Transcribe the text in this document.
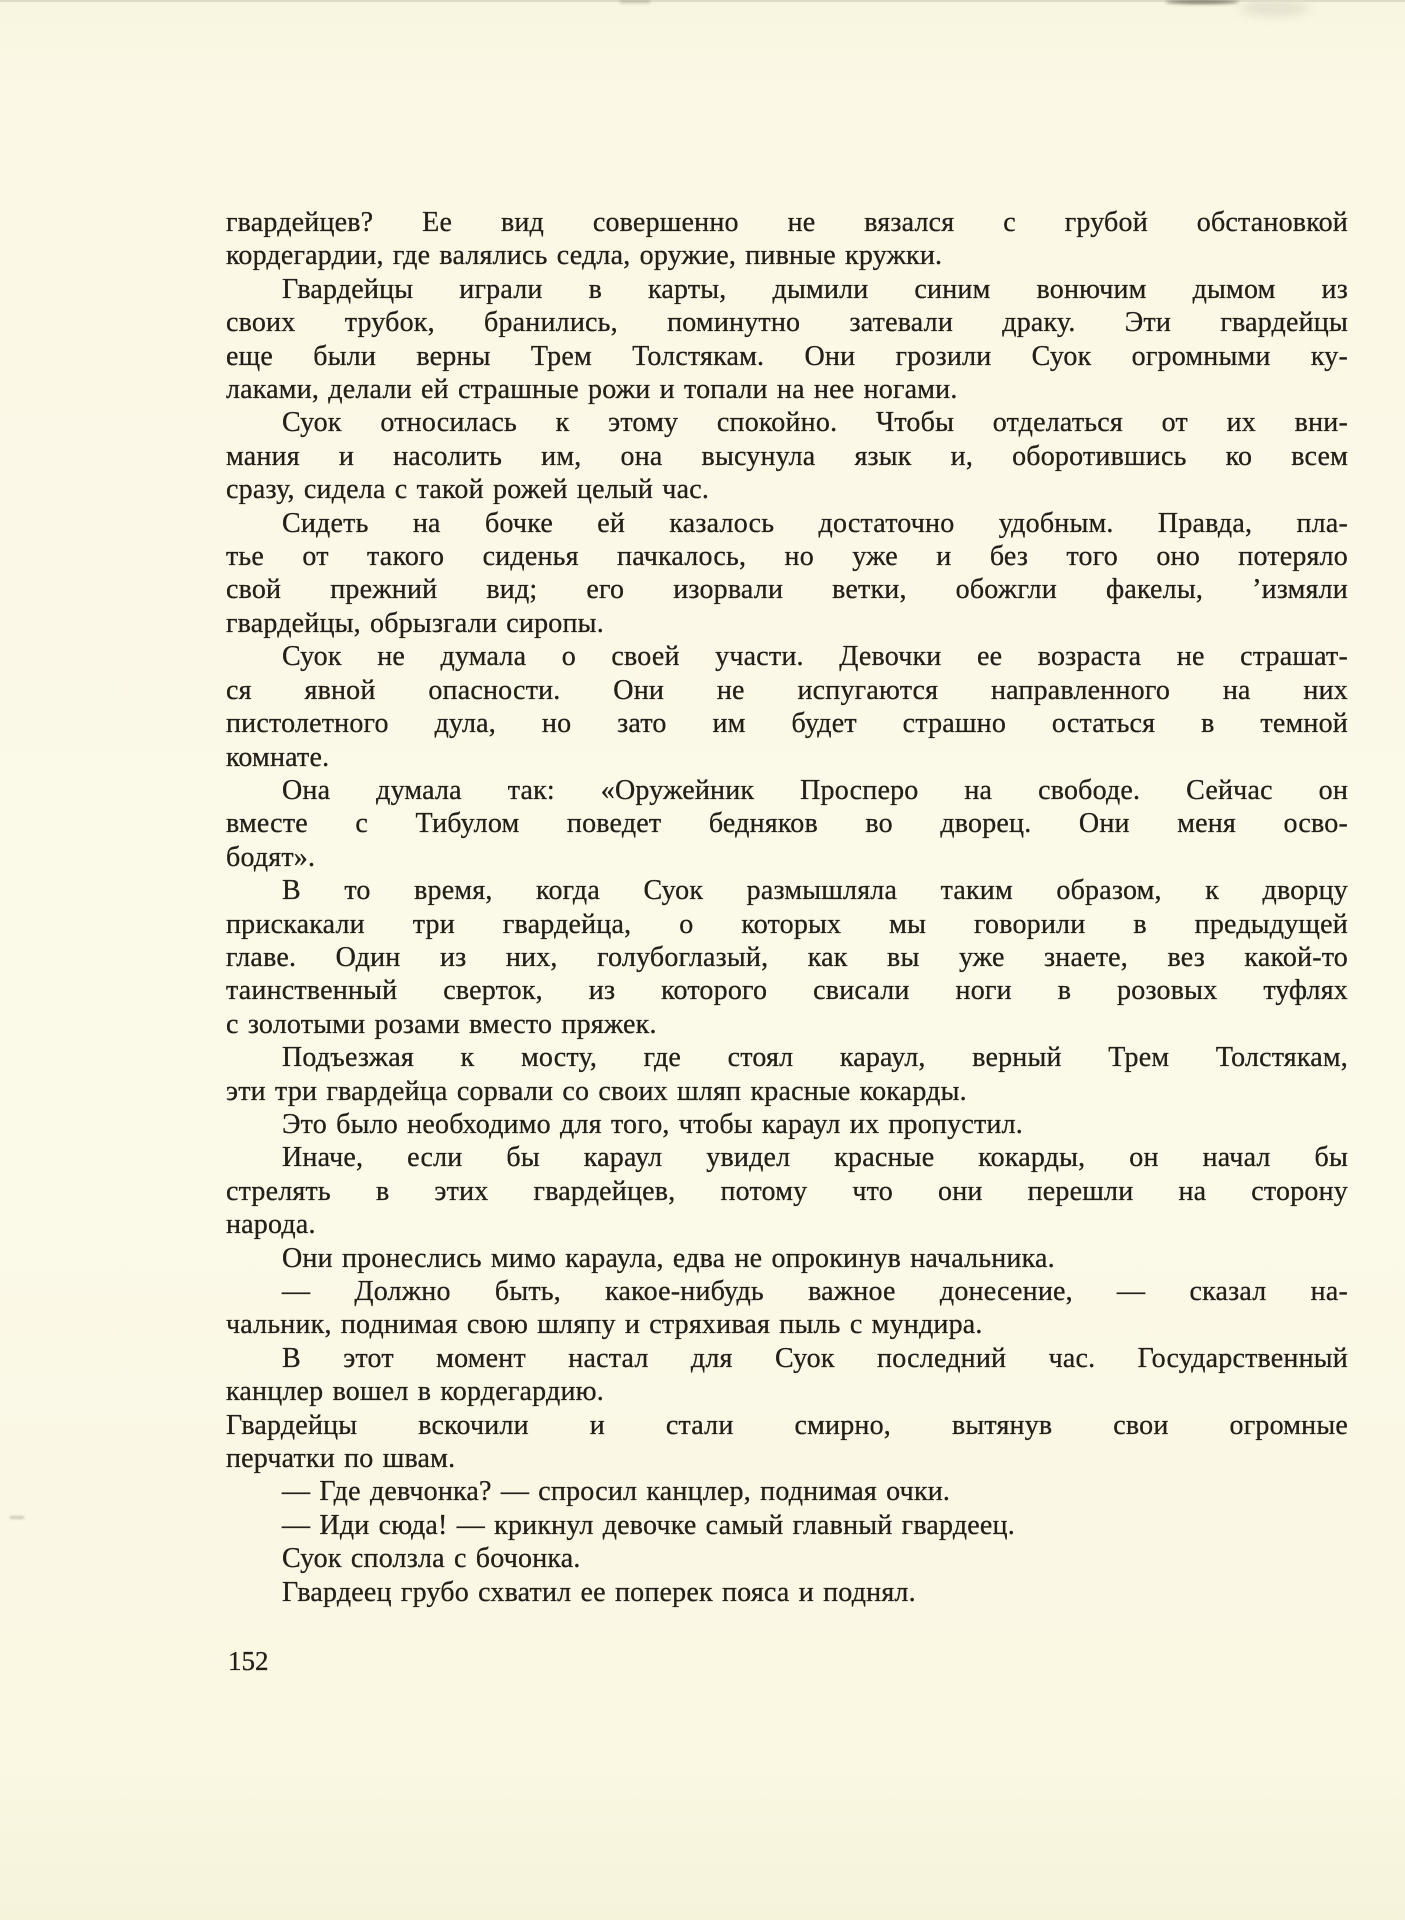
гвардейцев? Ее вид совершенно не вязался с грубой обстановкой
кордегардии, где валялись седла, оружие, пивные кружки.
Гвардейцы играли в карты, дымили синим вонючим дымом из
своих трубок, бранились, поминутно затевали драку. Эти гвардейцы
еще были верны Трем Толстякам. Они грозили Суок огромными ку-
лаками, делали ей страшные рожи и топали на нее ногами.
Суок относилась к этому спокойно. Чтобы отделаться от их вни-
мания и насолить им, она высунула язык и, оборотившись ко всем
сразу, сидела с такой рожей целый час.
Сидеть на бочке ей казалось достаточно удобным. Правда, пла-
тье от такого сиденья пачкалось, но уже и без того оно потеряло
свой прежний вид; его изорвали ветки, обожгли факелы, ’измяли
гвардейцы, обрызгали сиропы.
Суок не думала о своей участи. Девочки ее возраста не страшат-
ся явной опасности. Они не испугаются направленного на них
пистолетного дула, но зато им будет страшно остаться в темной
комнате.
Она думала так: «Оружейник Просперо на свободе. Сейчас он
вместе с Тибулом поведет бедняков во дворец. Они меня осво-
бодят».
В то время, когда Суок размышляла таким образом, к дворцу
прискакали три гвардейца, о которых мы говорили в предыдущей
главе. Один из них, голубоглазый, как вы уже знаете, вез какой-то
таинственный сверток, из которого свисали ноги в розовых туфлях
с золотыми розами вместо пряжек.
Подъезжая к мосту, где стоял караул, верный Трем Толстякам,
эти три гвардейца сорвали со своих шляп красные кокарды.
Это было необходимо для того, чтобы караул их пропустил.
Иначе, если бы караул увидел красные кокарды, он начал бы
стрелять в этих гвардейцев, потому что они перешли на сторону
народа.
Они пронеслись мимо караула, едва не опрокинув начальника.
— Должно быть, какое-нибудь важное донесение, — сказал на-
чальник, поднимая свою шляпу и стряхивая пыль с мундира.
В этот момент настал для Суок последний час. Государственный
канцлер вошел в кордегардию.
Гвардейцы вскочили и стали смирно, вытянув свои огромные
перчатки по швам.
— Где девчонка? — спросил канцлер, поднимая очки.
— Иди сюда! — крикнул девочке самый главный гвардеец.
Суок сползла с бочонка.
Гвардеец грубо схватил ее поперек пояса и поднял.
152
